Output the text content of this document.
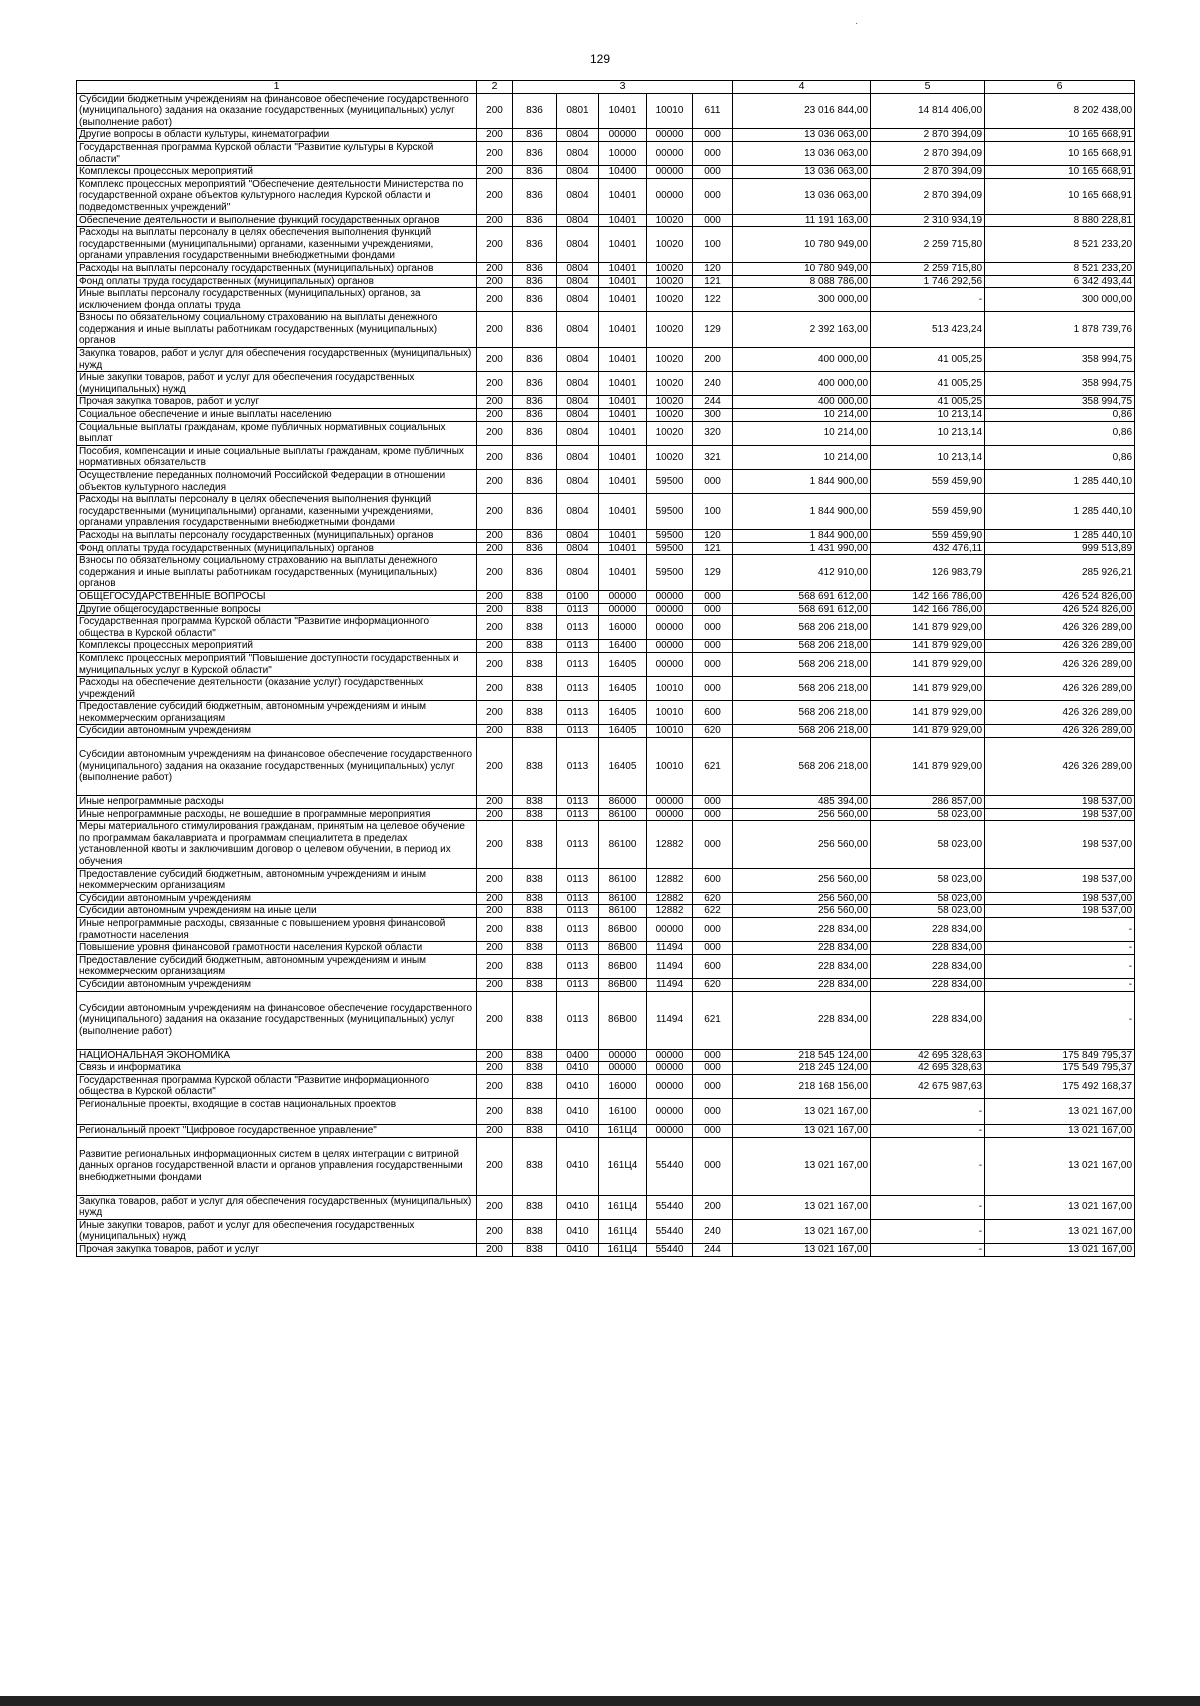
·
129
1	2	3					4	5	6
Субсидии бюджетным учреждениям на финансовое обеспечение государственного (муниципального) задания на оказание государственных (муниципальных) услуг (выполнение работ)	200	836	0801	10401	10010	611	23 016 844,00	14 814 406,00	8 202 438,00
Другие вопросы в области культуры, кинематографии	200	836	0804	00000	00000	000	13 036 063,00	2 870 394,09	10 165 668,91
Государственная программа Курской области "Развитие культуры в Курской области"	200	836	0804	10000	00000	000	13 036 063,00	2 870 394,09	10 165 668,91
Комплексы процессных мероприятий	200	836	0804	10400	00000	000	13 036 063,00	2 870 394,09	10 165 668,91
Комплекс процессных мероприятий "Обеспечение деятельности Министерства по государственной охране объектов культурного наследия Курской области и подведомственных учреждений"	200	836	0804	10401	00000	000	13 036 063,00	2 870 394,09	10 165 668,91
Обеспечение деятельности и выполнение функций государственных органов	200	836	0804	10401	10020	000	11 191 163,00	2 310 934,19	8 880 228,81
Расходы на выплаты персоналу в целях обеспечения выполнения функций государственными (муниципальными) органами, казенными учреждениями, органами управления государственными внебюджетными фондами	200	836	0804	10401	10020	100	10 780 949,00	2 259 715,80	8 521 233,20
Расходы на выплаты персоналу государственных (муниципальных) органов	200	836	0804	10401	10020	120	10 780 949,00	2 259 715,80	8 521 233,20
Фонд оплаты труда государственных (муниципальных) органов	200	836	0804	10401	10020	121	8 088 786,00	1 746 292,56	6 342 493,44
Иные выплаты персоналу государственных (муниципальных) органов, за исключением фонда оплаты труда	200	836	0804	10401	10020	122	300 000,00	-	300 000,00
Взносы по обязательному социальному страхованию на выплаты денежного содержания и иные выплаты работникам государственных (муниципальных) органов	200	836	0804	10401	10020	129	2 392 163,00	513 423,24	1 878 739,76
Закупка товаров, работ и услуг для обеспечения государственных (муниципальных) нужд	200	836	0804	10401	10020	200	400 000,00	41 005,25	358 994,75
Иные закупки товаров, работ и услуг для обеспечения государственных (муниципальных) нужд	200	836	0804	10401	10020	240	400 000,00	41 005,25	358 994,75
Прочая закупка товаров, работ и услуг	200	836	0804	10401	10020	244	400 000,00	41 005,25	358 994,75
Социальное обеспечение и иные выплаты населению	200	836	0804	10401	10020	300	10 214,00	10 213,14	0,86
Социальные выплаты гражданам, кроме публичных нормативных социальных выплат	200	836	0804	10401	10020	320	10 214,00	10 213,14	0,86
Пособия, компенсации и иные социальные выплаты гражданам, кроме публичных нормативных обязательств	200	836	0804	10401	10020	321	10 214,00	10 213,14	0,86
Осуществление переданных полномочий Российской Федерации в отношении объектов культурного наследия	200	836	0804	10401	59500	000	1 844 900,00	559 459,90	1 285 440,10
Расходы на выплаты персоналу в целях обеспечения выполнения функций государственными (муниципальными) органами, казенными учреждениями, органами управления государственными внебюджетными фондами	200	836	0804	10401	59500	100	1 844 900,00	559 459,90	1 285 440,10
Расходы на выплаты персоналу государственных (муниципальных) органов	200	836	0804	10401	59500	120	1 844 900,00	559 459,90	1 285 440,10
Фонд оплаты труда государственных (муниципальных) органов	200	836	0804	10401	59500	121	1 431 990,00	432 476,11	999 513,89
Взносы по обязательному социальному страхованию на выплаты денежного содержания и иные выплаты работникам государственных (муниципальных) органов	200	836	0804	10401	59500	129	412 910,00	126 983,79	285 926,21
ОБЩЕГОСУДАРСТВЕННЫЕ ВОПРОСЫ	200	838	0100	00000	00000	000	568 691 612,00	142 166 786,00	426 524 826,00
Другие общегосударственные вопросы	200	838	0113	00000	00000	000	568 691 612,00	142 166 786,00	426 524 826,00
Государственная программа Курской области "Развитие информационного общества в Курской области"	200	838	0113	16000	00000	000	568 206 218,00	141 879 929,00	426 326 289,00
Комплексы процессных мероприятий	200	838	0113	16400	00000	000	568 206 218,00	141 879 929,00	426 326 289,00
Комплекс процессных мероприятий "Повышение доступности государственных и муниципальных услуг в Курской области"	200	838	0113	16405	00000	000	568 206 218,00	141 879 929,00	426 326 289,00
Расходы на обеспечение деятельности (оказание услуг) государственных учреждений	200	838	0113	16405	10010	000	568 206 218,00	141 879 929,00	426 326 289,00
Предоставление субсидий бюджетным, автономным учреждениям и иным некоммерческим организациям	200	838	0113	16405	10010	600	568 206 218,00	141 879 929,00	426 326 289,00
Субсидии автономным учреждениям	200	838	0113	16405	10010	620	568 206 218,00	141 879 929,00	426 326 289,00
Субсидии автономным учреждениям на финансовое обеспечение государственного (муниципального) задания на оказание государственных (муниципальных) услуг (выполнение работ)	200	838	0113	16405	10010	621	568 206 218,00	141 879 929,00	426 326 289,00
Иные непрограммные расходы	200	838	0113	86000	00000	000	485 394,00	286 857,00	198 537,00
Иные непрограммные расходы, не вошедшие в программные мероприятия	200	838	0113	86100	00000	000	256 560,00	58 023,00	198 537,00
Меры материального стимулирования гражданам, принятым на целевое обучение по программам бакалавриата и программам специалитета в пределах установленной квоты и заключившим договор о целевом обучении, в период их обучения	200	838	0113	86100	12882	000	256 560,00	58 023,00	198 537,00
Предоставление субсидий бюджетным, автономным учреждениям и иным некоммерческим организациям	200	838	0113	86100	12882	600	256 560,00	58 023,00	198 537,00
Субсидии автономным учреждениям	200	838	0113	86100	12882	620	256 560,00	58 023,00	198 537,00
Субсидии автономным учреждениям на иные цели	200	838	0113	86100	12882	622	256 560,00	58 023,00	198 537,00
Иные непрограммные расходы, связанные с повышением уровня финансовой грамотности населения	200	838	0113	86В00	00000	000	228 834,00	228 834,00	-
Повышение уровня финансовой грамотности населения Курской области	200	838	0113	86В00	11494	000	228 834,00	228 834,00	-
Предоставление субсидий бюджетным, автономным учреждениям и иным некоммерческим организациям	200	838	0113	86В00	11494	600	228 834,00	228 834,00	-
Субсидии автономным учреждениям	200	838	0113	86В00	11494	620	228 834,00	228 834,00	-
Субсидии автономным учреждениям на финансовое обеспечение государственного (муниципального) задания на оказание государственных (муниципальных) услуг (выполнение работ)	200	838	0113	86В00	11494	621	228 834,00	228 834,00	-
НАЦИОНАЛЬНАЯ ЭКОНОМИКА	200	838	0400	00000	00000	000	218 545 124,00	42 695 328,63	175 849 795,37
Связь и информатика	200	838	0410	00000	00000	000	218 245 124,00	42 695 328,63	175 549 795,37
Государственная программа Курской области "Развитие информационного общества в Курской области"	200	838	0410	16000	00000	000	218 168 156,00	42 675 987,63	175 492 168,37
Региональные проекты, входящие в состав национальных проектов	200	838	0410	16100	00000	000	13 021 167,00	-	13 021 167,00
Региональный проект "Цифровое государственное управление"	200	838	0410	161Ц4	00000	000	13 021 167,00	-	13 021 167,00
Развитие региональных информационных систем в целях интеграции с витриной данных органов государственной власти и органов управления государственными внебюджетными фондами	200	838	0410	161Ц4	55440	000	13 021 167,00	-	13 021 167,00
Закупка товаров, работ и услуг для обеспечения государственных (муниципальных) нужд	200	838	0410	161Ц4	55440	200	13 021 167,00	-	13 021 167,00
Иные закупки товаров, работ и услуг для обеспечения государственных (муниципальных) нужд	200	838	0410	161Ц4	55440	240	13 021 167,00	-	13 021 167,00
Прочая закупка товаров, работ и услуг	200	838	0410	161Ц4	55440	244	13 021 167,00	-	13 021 167,00
